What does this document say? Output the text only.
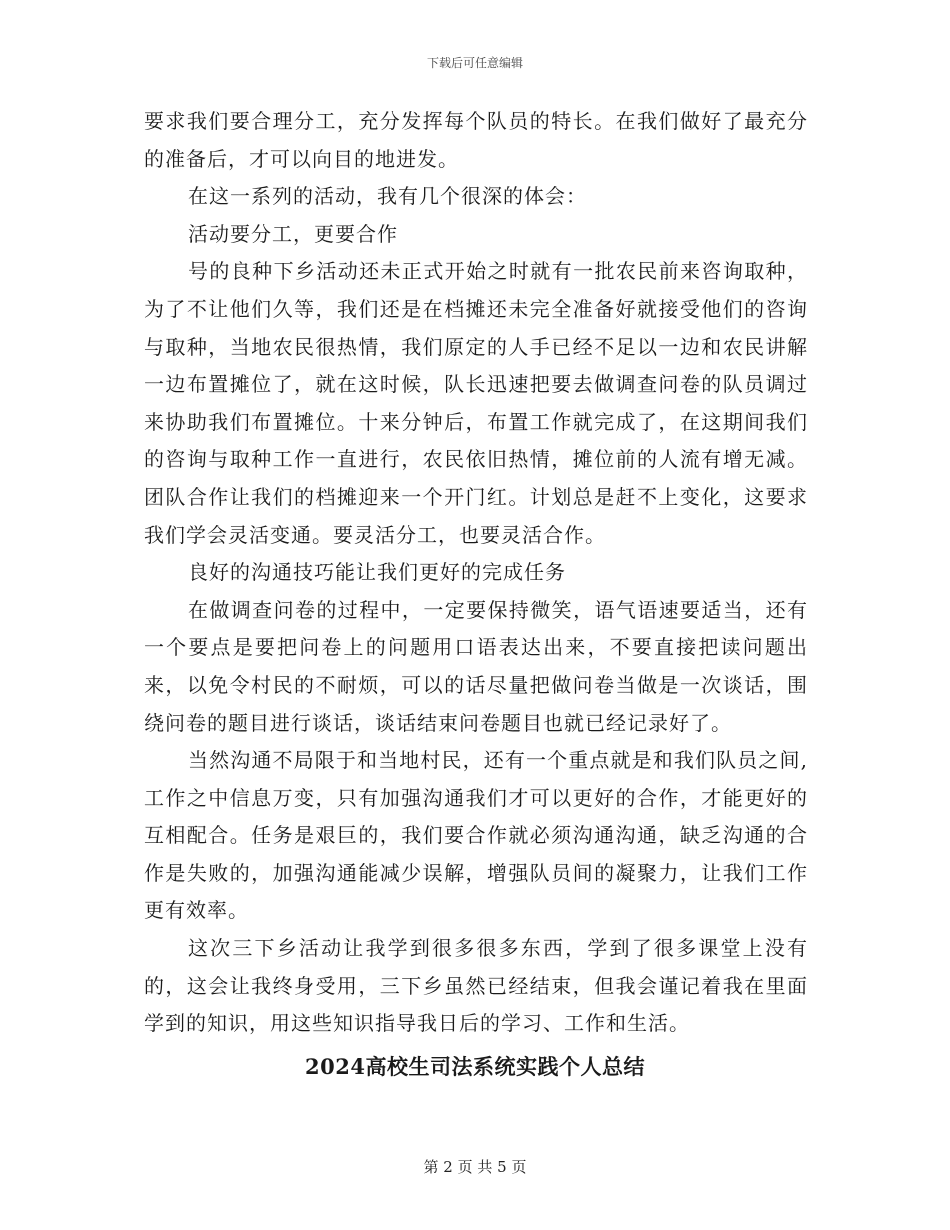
下载后可任意编辑

要求我们要合理分工，充分发挥每个队员的特长。在我们做好了最充分的准备后，才可以向目的地进发。

在这一系列的活动，我有几个很深的体会：

活动要分工，更要合作

号的良种下乡活动还未正式开始之时就有一批农民前来咨询取种，为了不让他们久等，我们还是在档摊还未完全准备好就接受他们的咨询与取种，当地农民很热情，我们原定的人手已经不足以一边和农民讲解一边布置摊位了，就在这时候，队长迅速把要去做调查问卷的队员调过来协助我们布置摊位。十来分钟后，布置工作就完成了，在这期间我们的咨询与取种工作一直进行，农民依旧热情，摊位前的人流有增无减。团队合作让我们的档摊迎来一个开门红。计划总是赶不上变化，这要求我们学会灵活变通。要灵活分工，也要灵活合作。

良好的沟通技巧能让我们更好的完成任务

在做调查问卷的过程中，一定要保持微笑，语气语速要适当，还有一个要点是要把问卷上的问题用口语表达出来，不要直接把读问题出来，以免令村民的不耐烦，可以的话尽量把做问卷当做是一次谈话，围绕问卷的题目进行谈话，谈话结束问卷题目也就已经记录好了。

当然沟通不局限于和当地村民，还有一个重点就是和我们队员之间,工作之中信息万变，只有加强沟通我们才可以更好的合作，才能更好的互相配合。任务是艰巨的，我们要合作就必须沟通沟通，缺乏沟通的合作是失败的，加强沟通能减少误解，增强队员间的凝聚力，让我们工作更有效率。

这次三下乡活动让我学到很多很多东西，学到了很多课堂上没有的，这会让我终身受用，三下乡虽然已经结束，但我会谨记着我在里面学到的知识，用这些知识指导我日后的学习、工作和生活。

2024高校生司法系统实践个人总结
第 2 页 共 5 页
